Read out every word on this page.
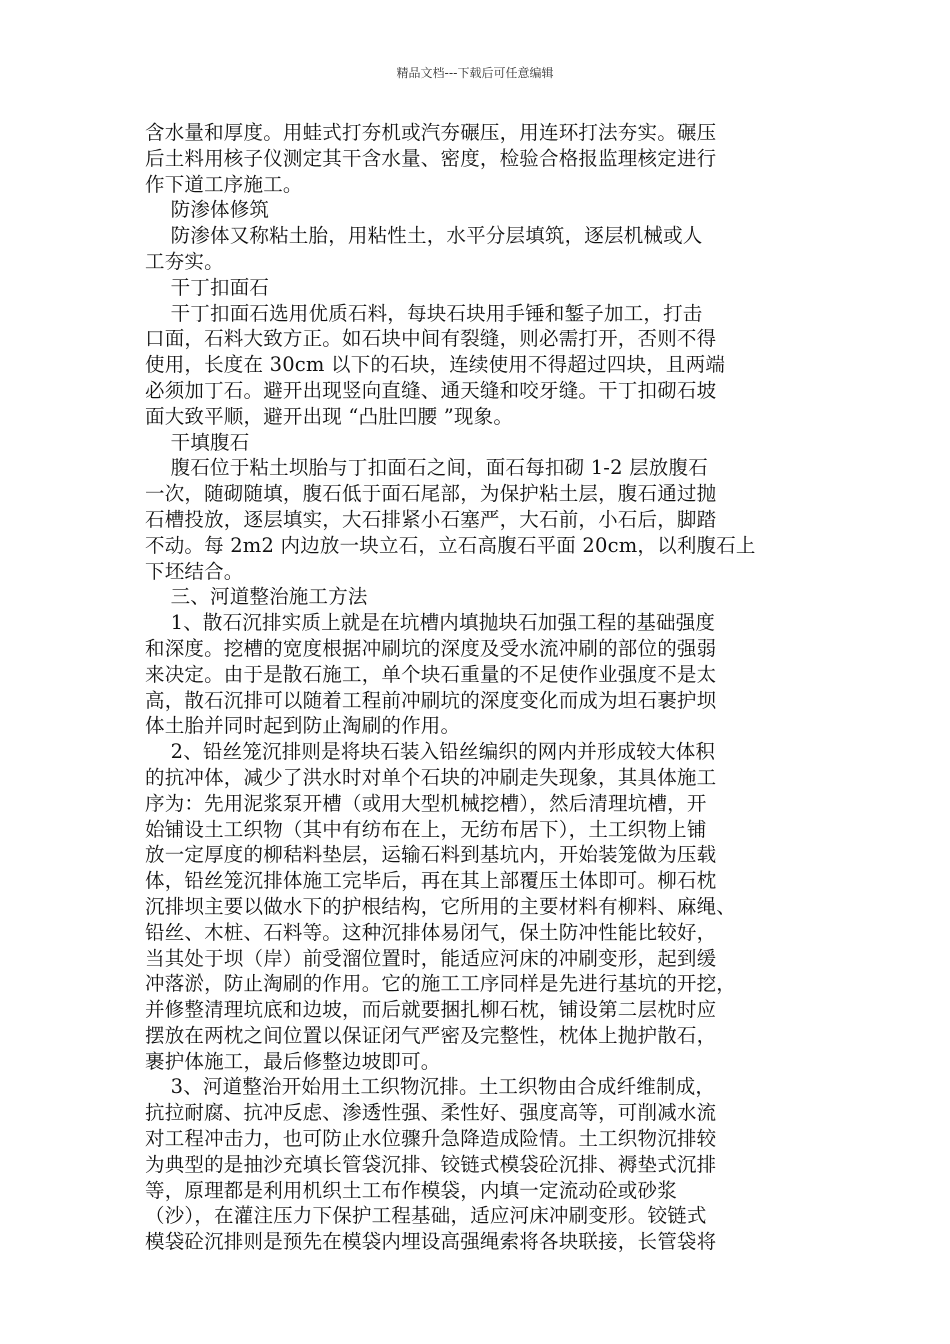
精品文档---下载后可任意编辑
含水量和厚度。用蛙式打夯机或汽夯碾压，用连环打法夯实。碾压
后土料用核子仪测定其干含水量、密度，检验合格报监理核定进行
作下道工序施工。
防渗体修筑
防渗体又称粘土胎，用粘性土，水平分层填筑，逐层机械或人
工夯实。
干丁扣面石
干丁扣面石选用优质石料，每块石块用手锤和錾子加工，打击
口面，石料大致方正。如石块中间有裂缝，则必需打开，否则不得
使用，长度在 30cm 以下的石块，连续使用不得超过四块，且两端
必须加丁石。避开出现竖向直缝、通天缝和咬牙缝。干丁扣砌石坡
面大致平顺，避开出现 “凸肚凹腰 ”现象。
干填腹石
腹石位于粘土坝胎与丁扣面石之间，面石每扣砌 1-2 层放腹石
一次，随砌随填，腹石低于面石尾部，为保护粘土层，腹石通过抛
石槽投放，逐层填实，大石排紧小石塞严，大石前，小石后，脚踏
不动。每 2m2 内边放一块立石，立石高腹石平面 20cm，以利腹石上
下坯结合。
三、河道整治施工方法
1、散石沉排实质上就是在坑槽内填抛块石加强工程的基础强度
和深度。挖槽的宽度根据冲刷坑的深度及受水流冲刷的部位的强弱
来决定。由于是散石施工，单个块石重量的不足使作业强度不是太
高，散石沉排可以随着工程前冲刷坑的深度变化而成为坦石裹护坝
体土胎并同时起到防止淘刷的作用。
2、铅丝笼沉排则是将块石装入铅丝编织的网内并形成较大体积
的抗冲体，减少了洪水时对单个石块的冲刷走失现象，其具体施工
序为：先用泥浆泵开槽（或用大型机械挖槽），然后清理坑槽，开
始铺设土工织物（其中有纺布在上，无纺布居下），土工织物上铺
放一定厚度的柳秸料垫层，运输石料到基坑内，开始装笼做为压载
体，铅丝笼沉排体施工完毕后，再在其上部覆压土体即可。柳石枕
沉排坝主要以做水下的护根结构，它所用的主要材料有柳料、麻绳、
铅丝、木桩、石料等。这种沉排体易闭气，保土防冲性能比较好，
当其处于坝（岸）前受溜位置时，能适应河床的冲刷变形，起到缓
冲落淤，防止淘刷的作用。它的施工工序同样是先进行基坑的开挖，
并修整清理坑底和边坡，而后就要捆扎柳石枕，铺设第二层枕时应
摆放在两枕之间位置以保证闭气严密及完整性，枕体上抛护散石，
裹护体施工，最后修整边坡即可。
3、河道整治开始用土工织物沉排。土工织物由合成纤维制成，
抗拉耐腐、抗冲反虑、渗透性强、柔性好、强度高等，可削减水流
对工程冲击力，也可防止水位骤升急降造成险情。土工织物沉排较
为典型的是抽沙充填长管袋沉排、铰链式模袋砼沉排、褥垫式沉排
等，原理都是利用机织土工布作模袋，内填一定流动砼或砂浆
（沙），在灌注压力下保护工程基础，适应河床冲刷变形。铰链式
模袋砼沉排则是预先在模袋内埋设高强绳索将各块联接，长管袋将
